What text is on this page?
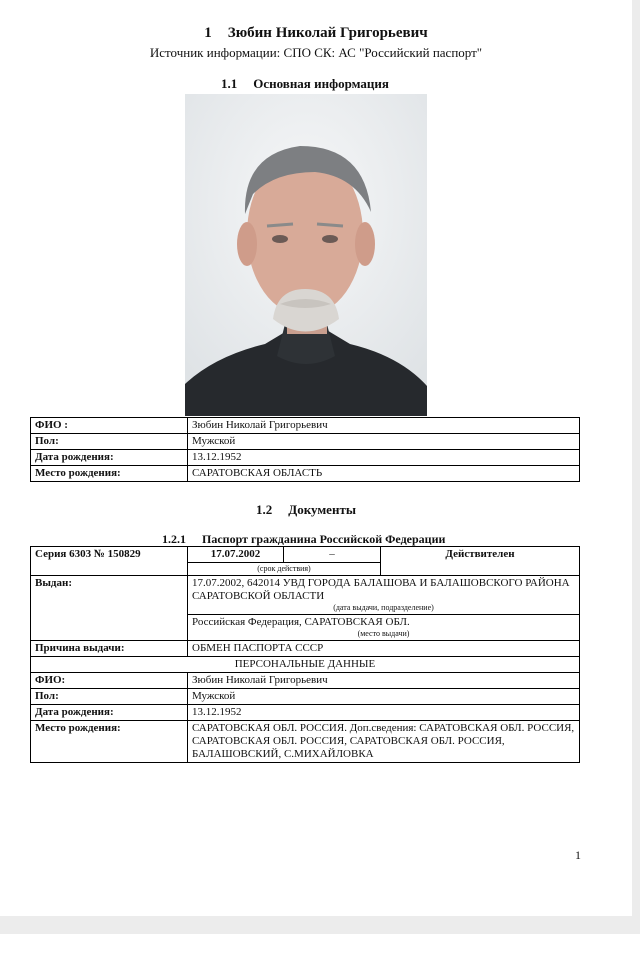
1 Зюбин Николай Григорьевич
Источник информации: СПО СК: АС "Российский паспорт"
1.1 Основная информация
ФИО :	Зюбин Николай Григорьевич
Пол:	Мужской
Дата рождения:	13.12.1952
Место рождения:	САРАТОВСКАЯ ОБЛАСТЬ
1.2 Документы
1.2.1 Паспорт гражданина Российской Федерации
Серия 6303 № 150829	17.07.2002	–	Действителен
	(срок действия)		
Выдан:	17.07.2002, 642014 УВД ГОРОДА БАЛАШОВА И БАЛАШОВСКОГО РАЙОНА САРАТОВСКОЙ ОБЛАСТИ
(дата выдачи, подразделение)		

	Российская Федерация, САРАТОВСКАЯ ОБЛ.
(место выдачи)		

Причина выдачи:	ОБМЕН ПАСПОРТА СССР		
ПЕРСОНАЛЬНЫЕ ДАННЫЕ			
ФИО:	Зюбин Николай Григорьевич		
Пол:	Мужской		
Дата рождения:	13.12.1952		
Место рождения:	САРАТОВСКАЯ ОБЛ. РОССИЯ. Доп.сведения: САРАТОВСКАЯ ОБЛ. РОССИЯ, САРАТОВСКАЯ ОБЛ. РОССИЯ, САРАТОВСКАЯ ОБЛ. РОССИЯ, БАЛАШОВСКИЙ, С.МИХАЙЛОВКА		
1
